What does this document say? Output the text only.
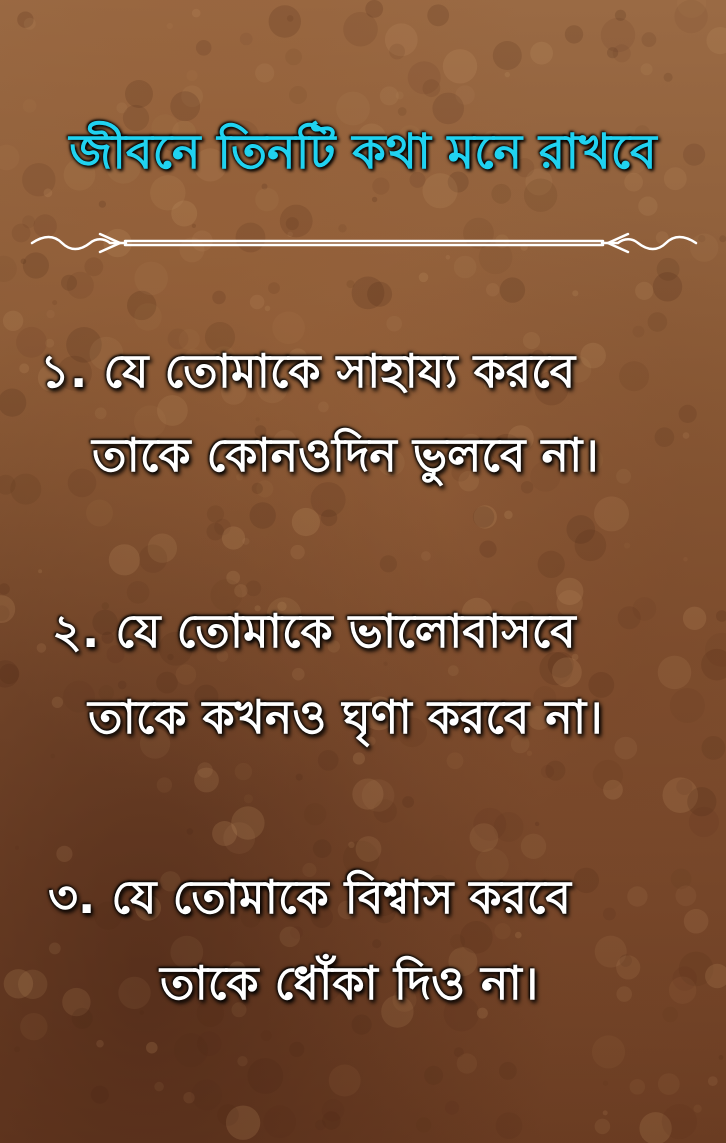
জীবনে তিনটি কথা মনে রাখবে
১. যে তোমাকে সাহায্য করবে
তাকে কোনওদিন ভুলবে না।
২. যে তোমাকে ভালোবাসবে
তাকে কখনও ঘৃণা করবে না।
৩. যে তোমাকে বিশ্বাস করবে
তাকে ধোঁকা দিও না।
